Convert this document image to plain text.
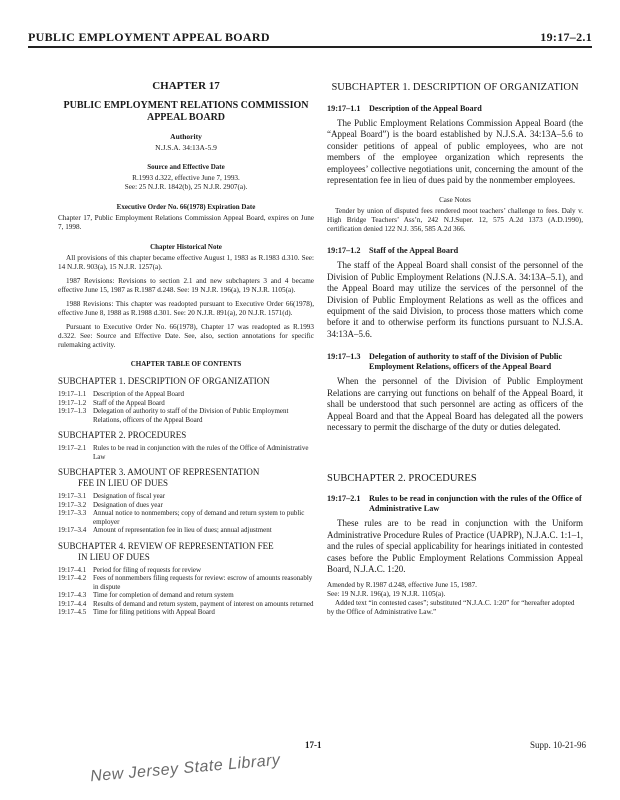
PUBLIC EMPLOYMENT APPEAL BOARD	19:17–2.1
CHAPTER 17
PUBLIC EMPLOYMENT RELATIONS COMMISSION APPEAL BOARD
Authority
N.J.S.A. 34:13A-5.9
Source and Effective Date
R.1993 d.322, effective June 7, 1993.
See: 25 N.J.R. 1842(b), 25 N.J.R. 2907(a).
Executive Order No. 66(1978) Expiration Date
Chapter 17, Public Employment Relations Commission Appeal Board, expires on June 7, 1998.
Chapter Historical Note
All provisions of this chapter became effective August 1, 1983 as R.1983 d.310. See: 14 N.J.R. 903(a), 15 N.J.R. 1257(a).
1987 Revisions: Revisions to section 2.1 and new subchapters 3 and 4 became effective June 15, 1987 as R.1987 d.248. See: 19 N.J.R. 196(a), 19 N.J.R. 1105(a).
1988 Revisions: This chapter was readopted pursuant to Executive Order 66(1978), effective June 8, 1988 as R.1988 d.301. See: 20 N.J.R. 891(a), 20 N.J.R. 1571(d).
Pursuant to Executive Order No. 66(1978), Chapter 17 was readopted as R.1993 d.322. See: Source and Effective Date. See, also, section annotations for specific rulemaking activity.
CHAPTER TABLE OF CONTENTS
SUBCHAPTER 1. DESCRIPTION OF ORGANIZATION
19:17–1.1 Description of the Appeal Board
19:17–1.2 Staff of the Appeal Board
19:17–1.3 Delegation of authority to staff of the Division of Public Employment Relations, officers of the Appeal Board
SUBCHAPTER 2. PROCEDURES
19:17–2.1 Rules to be read in conjunction with the rules of the Office of Administrative Law
SUBCHAPTER 3. AMOUNT OF REPRESENTATION
FEE IN LIEU OF DUES
19:17–3.1 Designation of fiscal year
19:17–3.2 Designation of dues year
19:17–3.3 Annual notice to nonmembers; copy of demand and return system to public employer
19:17–3.4 Amount of representation fee in lieu of dues; annual adjustment
SUBCHAPTER 4. REVIEW OF REPRESENTATION FEE
IN LIEU OF DUES
19:17–4.1 Period for filing of requests for review
19:17–4.2 Fees of nonmembers filing requests for review: escrow of amounts reasonably in dispute
19:17–4.3 Time for completion of demand and return system
19:17–4.4 Results of demand and return system, payment of interest on amounts returned
19:17–4.5 Time for filing petitions with Appeal Board
SUBCHAPTER 1. DESCRIPTION OF ORGANIZATION
19:17–1.1	Description of the Appeal Board

The Public Employment Relations Commission Appeal Board (the “Appeal Board”) is the board established by N.J.S.A. 34:13A–5.6 to consider petitions of appeal of public employees, who are not members of the employee organization which represents the employees’ collective negotiations unit, concerning the amount of the representation fee in lieu of dues paid by the nonmember employees.

Case Notes
Tender by union of disputed fees rendered moot teachers’ challenge to fees. Daly v. High Bridge Teachers’ Ass’n, 242 N.J.Super. 12, 575 A.2d 1373 (A.D.1990), certification denied 122 N.J. 356, 585 A.2d 366.
19:17–1.2	Staff of the Appeal Board

The staff of the Appeal Board shall consist of the personnel of the Division of Public Employment Relations (N.J.S.A. 34:13A–5.1), and the Appeal Board may utilize the services of the personnel of the Division of Public Employment Relations as well as the offices and equipment of the said Division, to process those matters which come before it and to otherwise perform its functions pursuant to N.J.S.A. 34:13A–5.6.

19:17–1.3	Delegation of authority to staff of the Division of Public Employment Relations, officers of the Appeal Board

When the personnel of the Division of Public Employment Relations are carrying out functions on behalf of the Appeal Board, it shall be understood that such personnel are acting as officers of the Appeal Board and that the Appeal Board has delegated all the powers necessary to permit the discharge of the duty or duties delegated.

SUBCHAPTER 2. PROCEDURES
19:17–2.1	Rules to be read in conjunction with the rules of the Office of Administrative Law

These rules are to be read in conjunction with the Uniform Administrative Procedure Rules of Practice (UAPRP), N.J.A.C. 1:1–1, and the rules of special applicability for hearings initiated in contested cases before the Public Employment Relations Commission Appeal Board, N.J.A.C. 1:20.

Amended by R.1987 d.248, effective June 15, 1987.
See: 19 N.J.R. 196(a), 19 N.J.R. 1105(a).
Added text “in contested cases”; substituted “N.J.A.C. 1:20” for “hereafter adopted by the Office of Administrative Law.”
17-1	Supp. 10-21-96
New Jersey State Library
